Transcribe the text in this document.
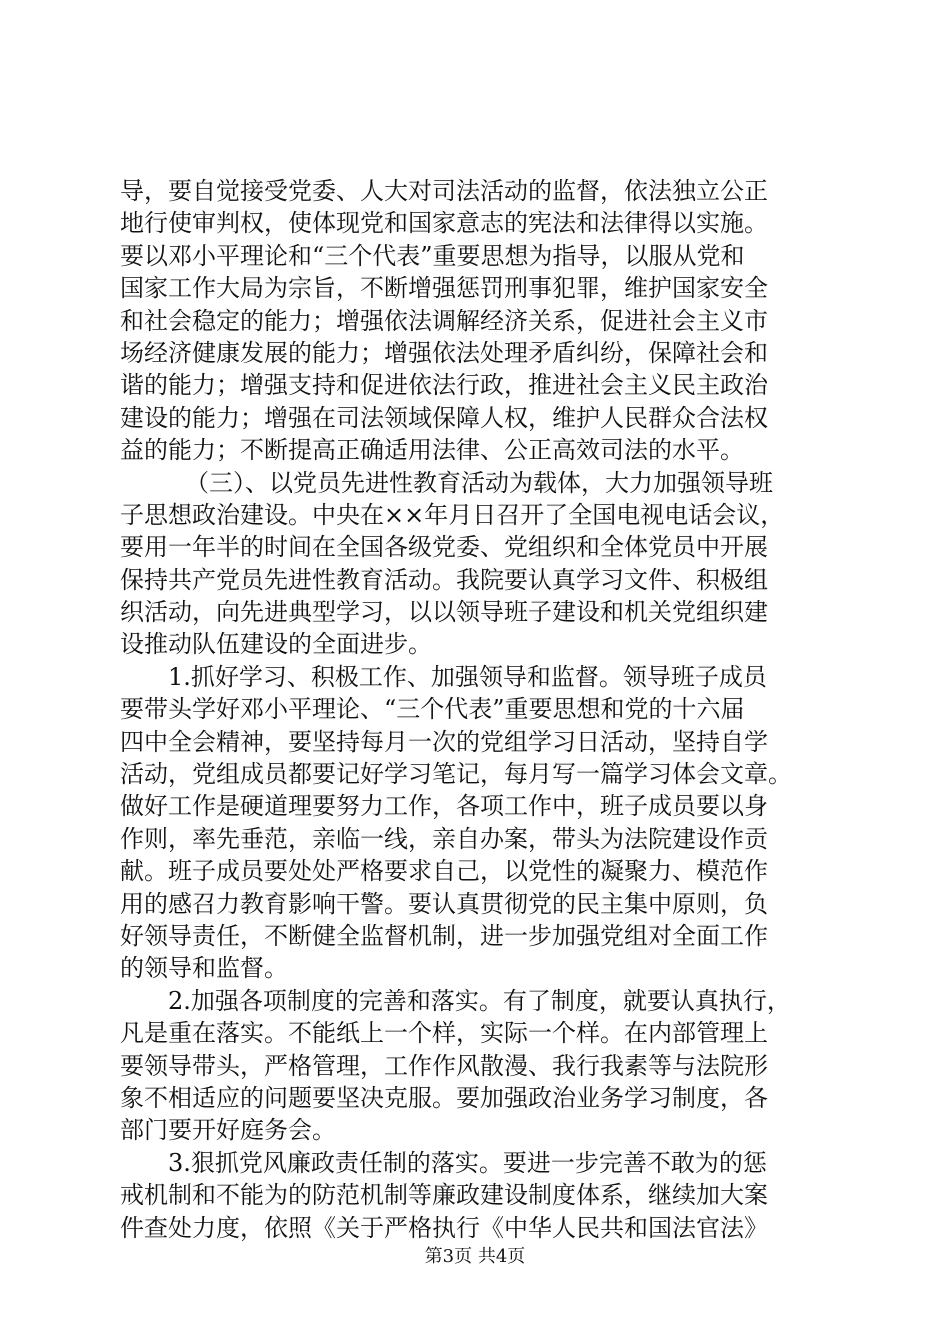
导，要自觉接受党委、人大对司法活动的监督，依法独立公正
地行使审判权，使体现党和国家意志的宪法和法律得以实施。
要以邓小平理论和“三个代表”重要思想为指导，以服从党和
国家工作大局为宗旨，不断增强惩罚刑事犯罪，维护国家安全
和社会稳定的能力；增强依法调解经济关系，促进社会主义市
场经济健康发展的能力；增强依法处理矛盾纠纷，保障社会和
谐的能力；增强支持和促进依法行政，推进社会主义民主政治
建设的能力；增强在司法领域保障人权，维护人民群众合法权
益的能力；不断提高正确适用法律、公正高效司法的水平。
（三）、以党员先进性教育活动为载体，大力加强领导班
子思想政治建设。中央在××年月日召开了全国电视电话会议，
要用一年半的时间在全国各级党委、党组织和全体党员中开展
保持共产党员先进性教育活动。我院要认真学习文件、积极组
织活动，向先进典型学习，以以领导班子建设和机关党组织建
设推动队伍建设的全面进步。
1.抓好学习、积极工作、加强领导和监督。领导班子成员
要带头学好邓小平理论、“三个代表”重要思想和党的十六届
四中全会精神，要坚持每月一次的党组学习日活动，坚持自学
活动，党组成员都要记好学习笔记，每月写一篇学习体会文章。
做好工作是硬道理要努力工作，各项工作中，班子成员要以身
作则，率先垂范，亲临一线，亲自办案，带头为法院建设作贡
献。班子成员要处处严格要求自己，以党性的凝聚力、模范作
用的感召力教育影响干警。要认真贯彻党的民主集中原则，负
好领导责任，不断健全监督机制，进一步加强党组对全面工作
的领导和监督。
2.加强各项制度的完善和落实。有了制度，就要认真执行，
凡是重在落实。不能纸上一个样，实际一个样。在内部管理上
要领导带头，严格管理，工作作风散漫、我行我素等与法院形
象不相适应的问题要坚决克服。要加强政治业务学习制度，各
部门要开好庭务会。
3.狠抓党风廉政责任制的落实。要进一步完善不敢为的惩
戒机制和不能为的防范机制等廉政建设制度体系，继续加大案
件查处力度，依照《关于严格执行《中华人民共和国法官法》
第3页 共4页
